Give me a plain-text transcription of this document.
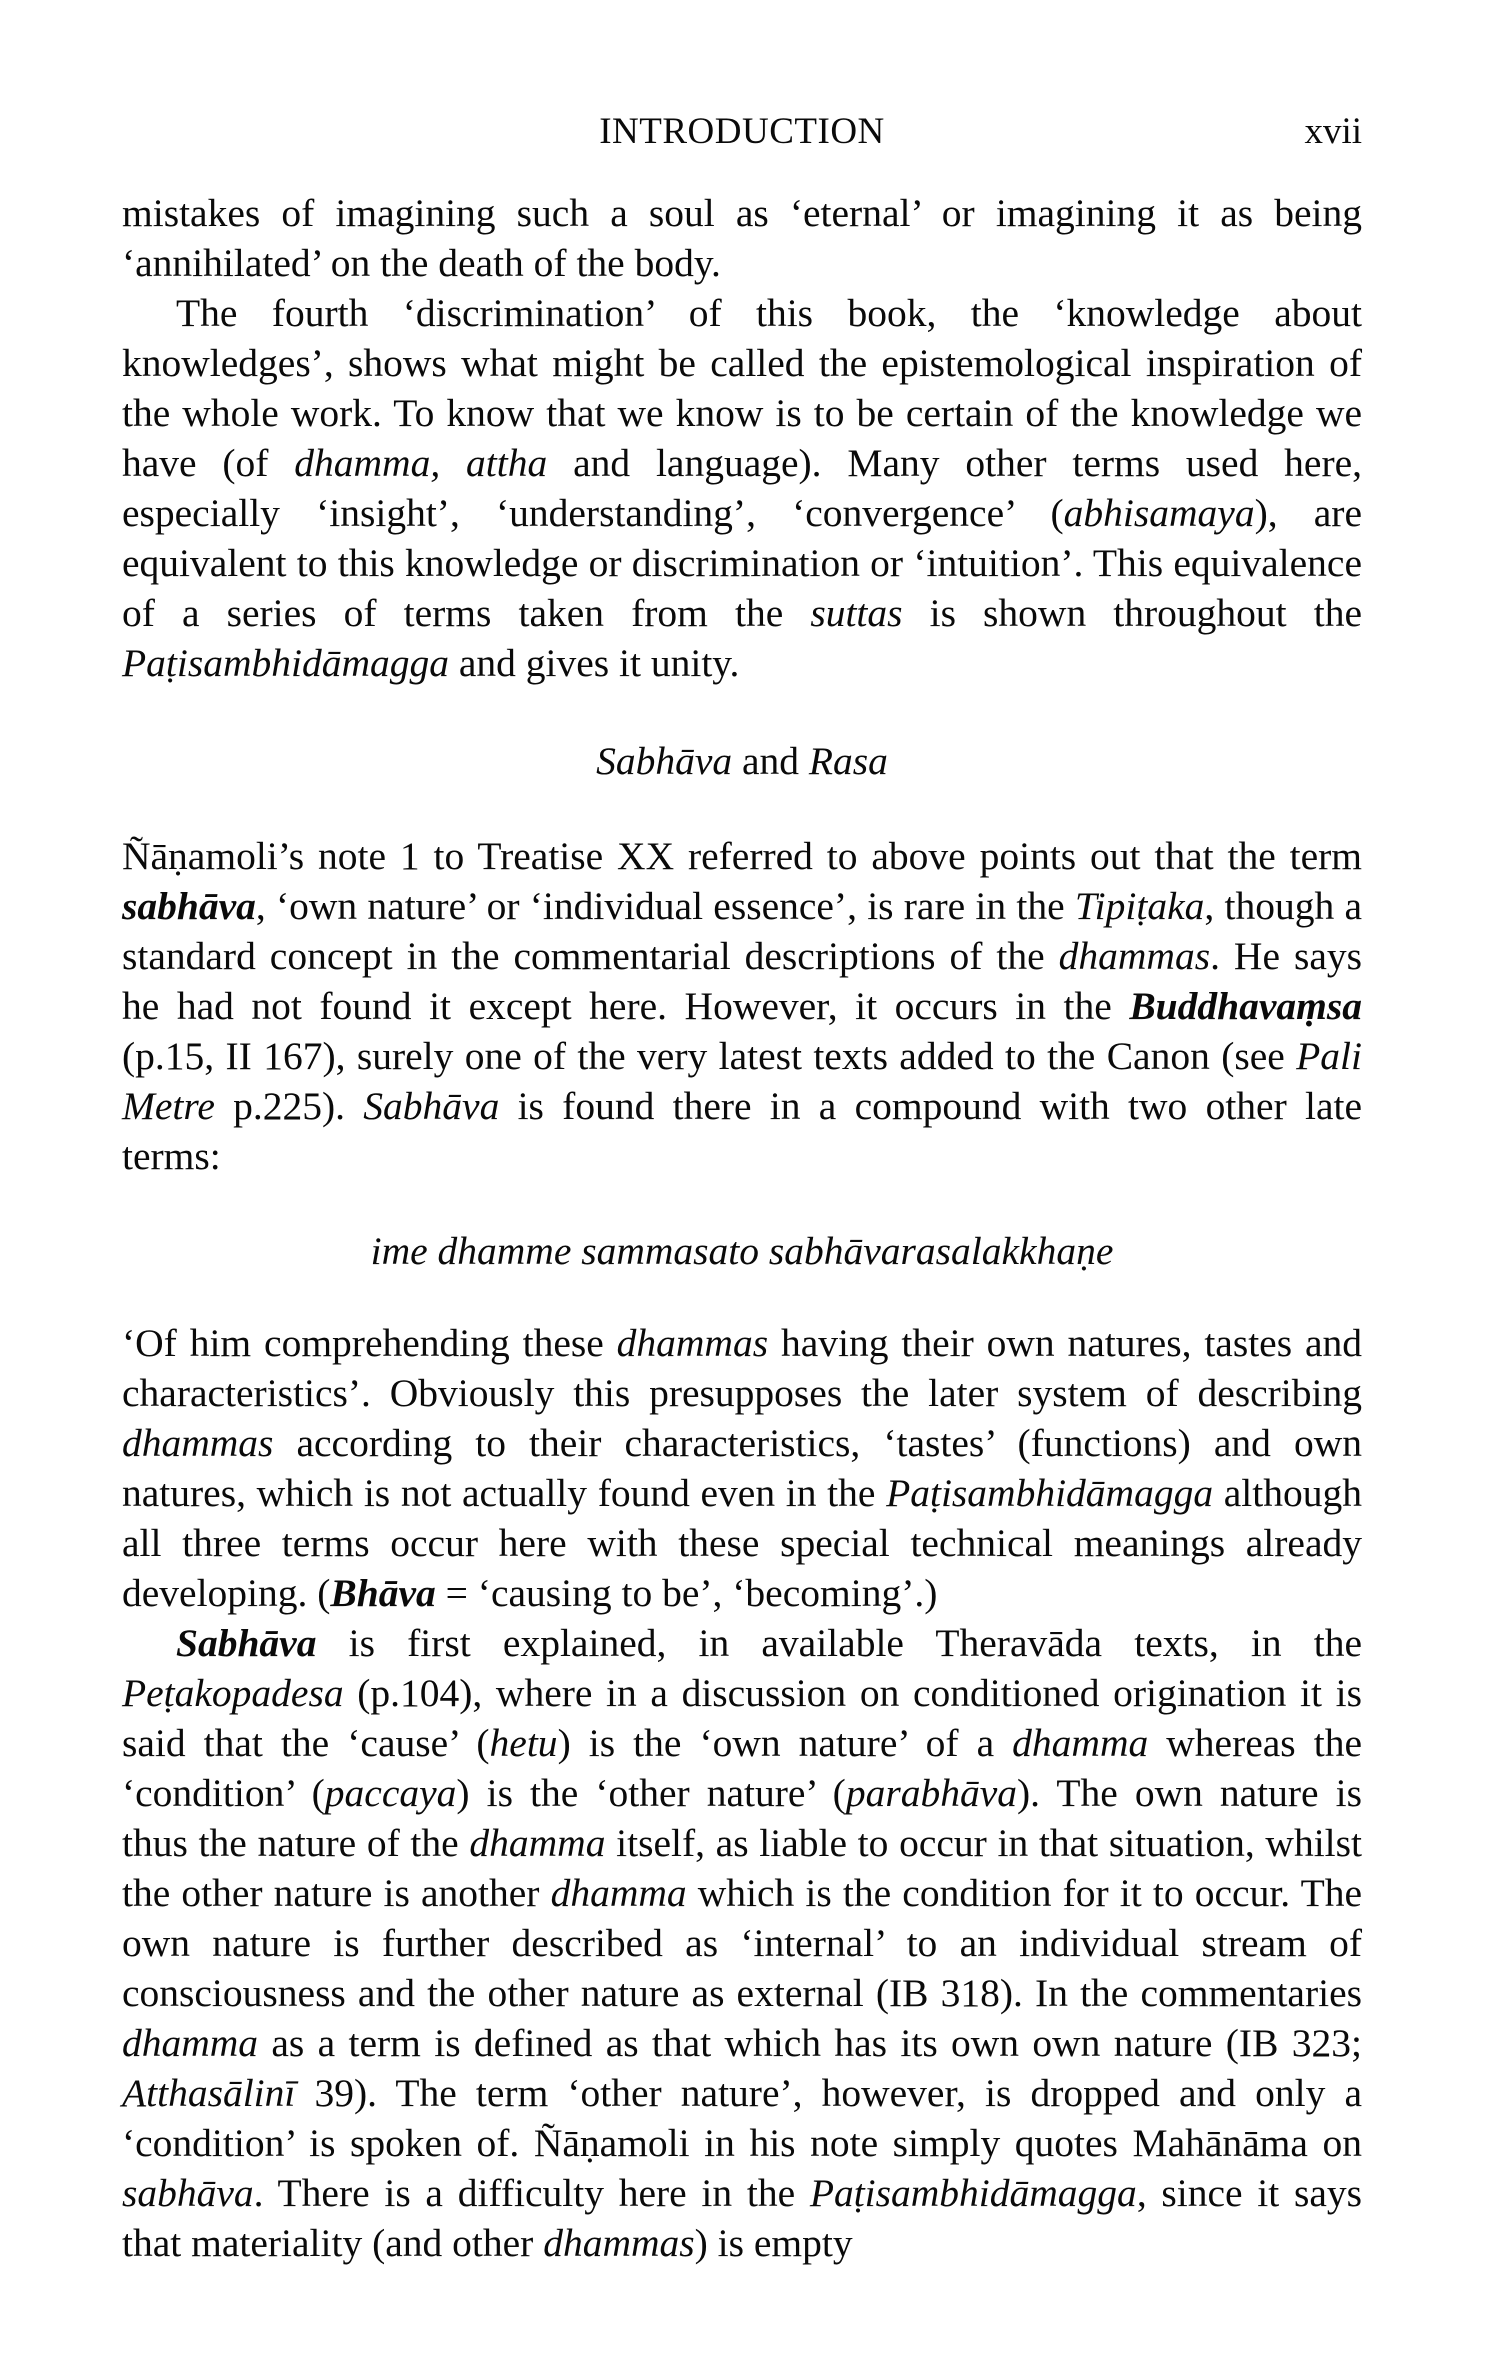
INTRODUCTION	xvii

mistakes of imagining such a soul as ‘eternal’ or imagining it as being ‘annihilated’ on the death of the body.

The fourth ‘discrimination’ of this book, the ‘knowledge about knowledges’, shows what might be called the epistemological inspiration of the whole work. To know that we know is to be certain of the knowledge we have (of dhamma, attha and language). Many other terms used here, especially ‘insight’, ‘understanding’, ‘convergence’ (abhisamaya), are equivalent to this knowledge or discrimination or ‘intuition’. This equivalence of a series of terms taken from the suttas is shown throughout the Paṭisambhidāmagga and gives it unity.

Sabhāva and Rasa

Ñāṇamoli’s note 1 to Treatise XX referred to above points out that the term sabhāva, ‘own nature’ or ‘individual essence’, is rare in the Tipiṭaka, though a standard concept in the commentarial descriptions of the dhammas. He says he had not found it except here. However, it occurs in the Buddhavaṃsa (p.15, II 167), surely one of the very latest texts added to the Canon (see Pali Metre p.225). Sabhāva is found there in a compound with two other late terms:

ime dhamme sammasato sabhāvarasalakkhaṇe

‘Of him comprehending these dhammas having their own natures, tastes and characteristics’. Obviously this presupposes the later system of describing dhammas according to their characteristics, ‘tastes’ (functions) and own natures, which is not actually found even in the Paṭisambhidāmagga although all three terms occur here with these special technical meanings already developing. (Bhāva = ‘causing to be’, ‘becoming’.)

Sabhāva is first explained, in available Theravāda texts, in the Peṭakopadesa (p.104), where in a discussion on conditioned origination it is said that the ‘cause’ (hetu) is the ‘own nature’ of a dhamma whereas the ‘condition’ (paccaya) is the ‘other nature’ (parabhāva). The own nature is thus the nature of the dhamma itself, as liable to occur in that situation, whilst the other nature is another dhamma which is the condition for it to occur. The own nature is further described as ‘internal’ to an individual stream of consciousness and the other nature as external (IB 318). In the commentaries dhamma as a term is defined as that which has its own own nature (IB 323; Atthasālinī 39). The term ‘other nature’, however, is dropped and only a ‘condition’ is spoken of. Ñāṇamoli in his note simply quotes Mahānāma on sabhāva. There is a difficulty here in the Paṭisambhidāmagga, since it says that materiality (and other dhammas) is empty
